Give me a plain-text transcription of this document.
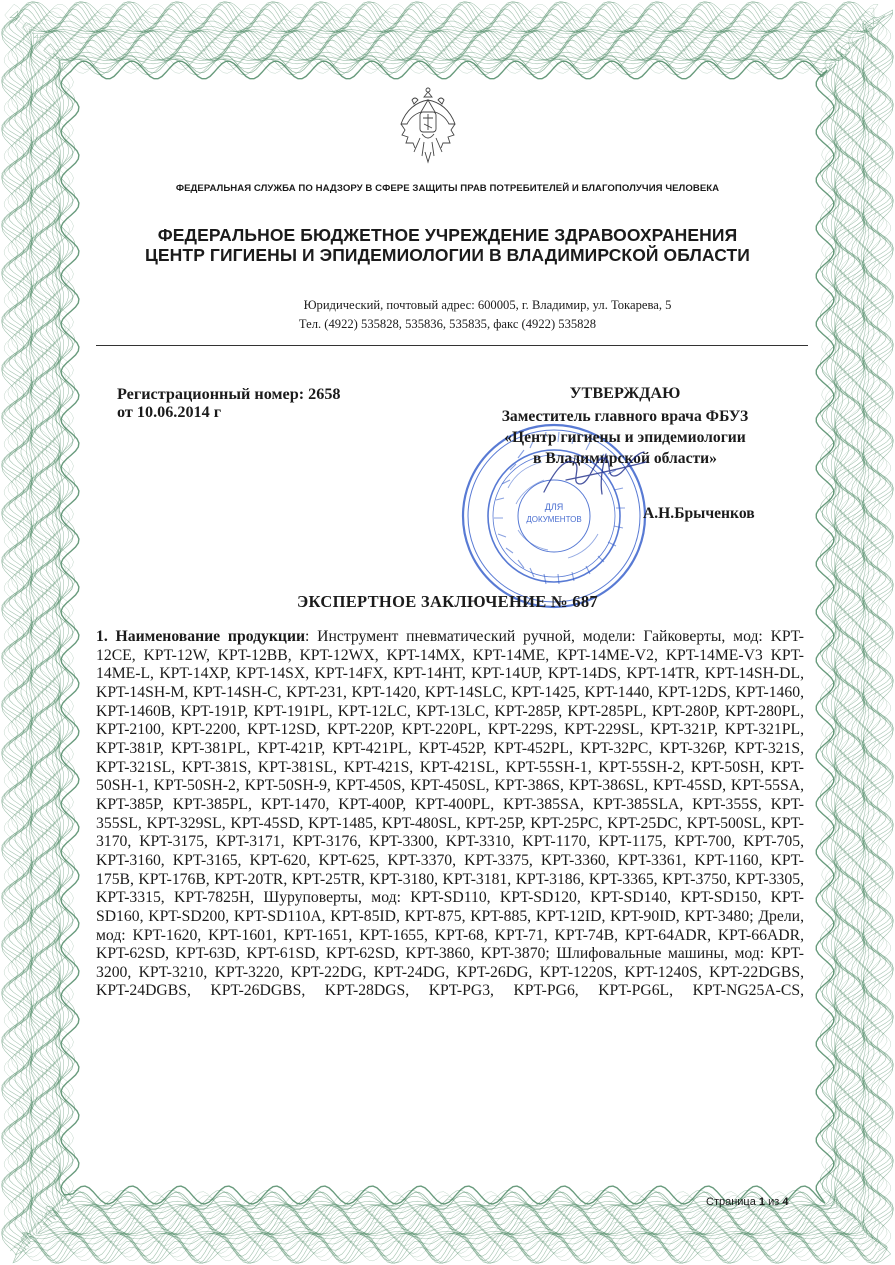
ФЕДЕРАЛЬНАЯ СЛУЖБА ПО НАДЗОРУ В СФЕРЕ ЗАЩИТЫ ПРАВ ПОТРЕБИТЕЛЕЙ И БЛАГОПОЛУЧИЯ ЧЕЛОВЕКА
ФЕДЕРАЛЬНОЕ БЮДЖЕТНОЕ УЧРЕЖДЕНИЕ ЗДРАВООХРАНЕНИЯ
ЦЕНТР ГИГИЕНЫ И ЭПИДЕМИОЛОГИИ В ВЛАДИМИРСКОЙ ОБЛАСТИ
Юридический, почтовый адрес: 600005, г. Владимир, ул. Токарева, 5
Тел. (4922) 535828, 535836, 535835, факс (4922) 535828
Регистрационный номер: 2658
от 10.06.2014 г
ДЛЯ
ДОКУМЕНТОВ
УТВЕРЖДАЮ
Заместитель главного врача ФБУЗ
«Центр гигиены и эпидемиологии
в Владимирской области»
А.Н.Брыченков
ЭКСПЕРТНОЕ ЗАКЛЮЧЕНИЕ № 687
1. Наименование продукции: Инструмент пневматический ручной, модели: Гайковерты, мод: KPT-12CE, KPT-12W, KPT-12BB, KPT-12WX, KPT-14MX, KPT-14ME, KPT-14ME-V2, KPT-14ME-V3 KPT-14ME-L, KPT-14XP, KPT-14SX, KPT-14FX, KPT-14HT, KPT-14UP, KPT-14DS, KPT-14TR, KPT-14SH-DL, KPT-14SH-M, KPT-14SH-C, KPT-231, KPT-1420, KPT-14SLC, KPT-1425, KPT-1440, KPT-12DS, KPT-1460, KPT-1460B, KPT-191P, KPT-191PL, KPT-12LC, KPT-13LC, KPT-285P, KPT-285PL, KPT-280P, KPT-280PL, KPT-2100, KPT-2200, KPT-12SD, KPT-220P, KPT-220PL, KPT-229S, KPT-229SL, KPT-321P, KPT-321PL, KPT-381P, KPT-381PL, KPT-421P, KPT-421PL, KPT-452P, KPT-452PL, KPT-32PC, KPT-326P, KPT-321S, KPT-321SL, KPT-381S, KPT-381SL, KPT-421S, KPT-421SL, KPT-55SH-1, KPT-55SH-2, KPT-50SH, KPT-50SH-1, KPT-50SH-2, KPT-50SH-9, KPT-450S, KPT-450SL, KPT-386S, KPT-386SL, KPT-45SD, KPT-55SA, KPT-385P, KPT-385PL, KPT-1470, KPT-400P, KPT-400PL, KPT-385SA, KPT-385SLA, KPT-355S, KPT-355SL, KPT-329SL, KPT-45SD, KPT-1485, KPT-480SL, KPT-25P, KPT-25PC, KPT-25DC, KPT-500SL, KPT-3170, KPT-3175, KPT-3171, KPT-3176, KPT-3300, KPT-3310, KPT-1170, KPT-1175, KPT-700, KPT-705, KPT-3160, KPT-3165, KPT-620, KPT-625, KPT-3370, KPT-3375, KPT-3360, KPT-3361, KPT-1160, KPT-175B, KPT-176B, KPT-20TR, KPT-25TR, KPT-3180, KPT-3181, KPT-3186, KPT-3365, KPT-3750, KPT-3305, KPT-3315, KPT-7825H, Шуруповерты, мод: KPT-SD110, KPT-SD120, KPT-SD140, KPT-SD150, KPT-SD160, KPT-SD200, KPT-SD110A, KPT-85ID, KPT-875, KPT-885, KPT-12ID, KPT-90ID, KPT-3480; Дрели, мод: KPT-1620, KPT-1601, KPT-1651, KPT-1655, KPT-68, KPT-71, KPT-74B, KPT-64ADR, KPT-66ADR, KPT-62SD, KPT-63D, KPT-61SD, KPT-62SD, KPT-3860, KPT-3870; Шлифовальные машины, мод: KPT-3200, KPT-3210, KPT-3220, KPT-22DG, KPT-24DG, KPT-26DG, KPT-1220S, KPT-1240S, KPT-22DGBS, KPT-24DGBS, KPT-26DGBS, KPT-28DGS, KPT-PG3, KPT-PG6, KPT-PG6L, KPT-NG25A-CS,
Страница 1 из 4
